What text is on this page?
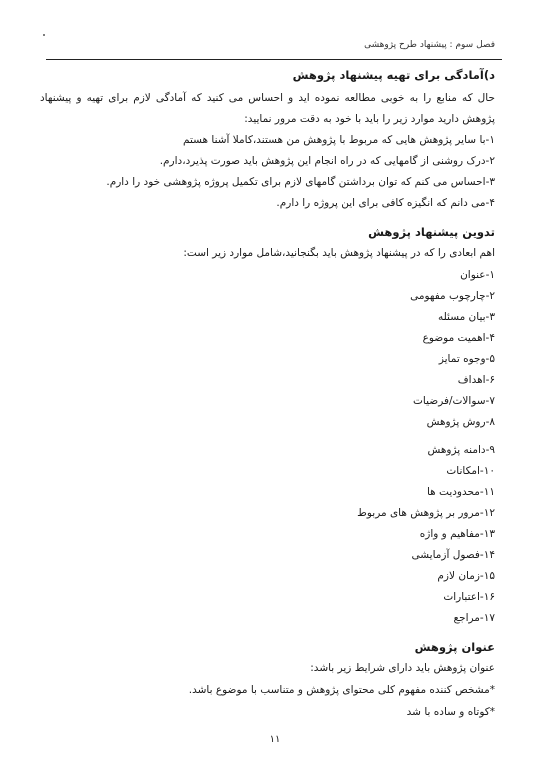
فصل سوم : پیشنهاد طرح پژوهشی
د)آمادگی برای تهیه پیشنهاد پژوهش
حال که منابع را به خوبی مطالعه نموده اید و احساس می کنید که آمادگی لازم برای تهیه و پیشنهاد پژوهش دارید موارد زیر را باید با خود به دقت مرور نمایید:
۱-با سایر پژوهش هایی که مربوط با پژوهش من هستند،کاملا آشنا هستم
۲-درک روشنی از گامهایی که در راه انجام این پژوهش باید صورت پذیرد،دارم.
۳-احساس می کنم که توان برداشتن گامهای لازم برای تکمیل پروژه پژوهشی خود را دارم.
۴-می دانم که انگیزه کافی برای این پروژه را دارم.
تدوین پیشنهاد پژوهش
اهم ابعادی را که در پیشنهاد پژوهش باید بگنجانید،شامل موارد زیر است:
۱-عنوان
۲-چارچوب مفهومی
۳-بیان مسئله
۴-اهمیت موضوع
۵-وجوه تمایز
۶-اهداف
۷-سوالات/فرضیات
۸-روش پژوهش
۹-دامنه پژوهش
۱۰-امکانات
۱۱-محدودیت ها
۱۲-مرور بر پژوهش های مربوط
۱۳-مفاهیم و واژه
۱۴-فصول آزمایشی
۱۵-زمان لازم
۱۶-اعتبارات
۱۷-مراجع
عنوان پژوهش
عنوان پژوهش باید دارای شرایط زیر باشد:
*مشخص کننده مفهوم کلی محتوای پژوهش و متناسب با موضوع باشد.
*کوتاه و ساده با شد
۱۱
